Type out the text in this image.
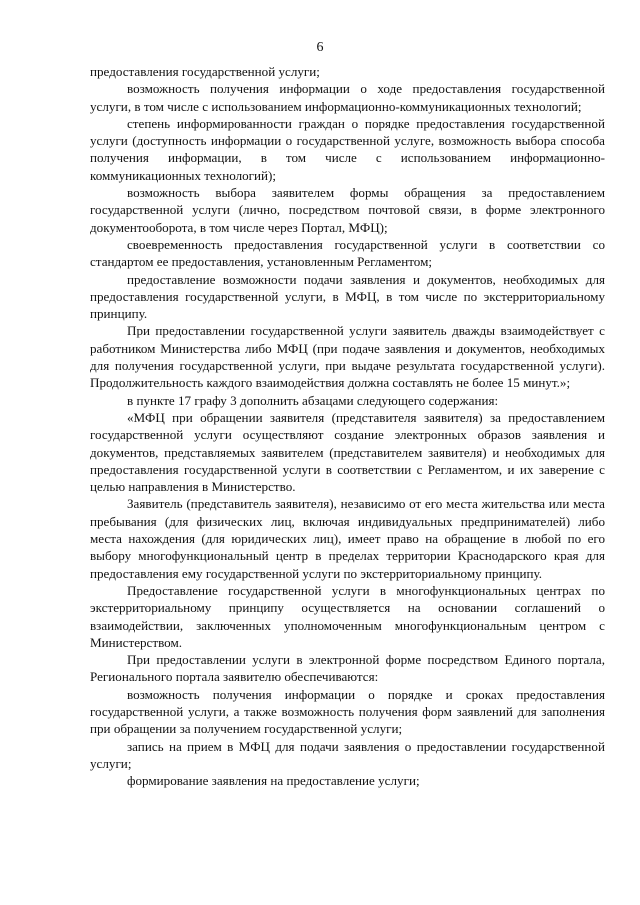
6

предоставления государственной услуги;

возможность получения информации о ходе предоставления государственной услуги, в том числе с использованием информационно-коммуникационных технологий;

степень информированности граждан о порядке предоставления государственной услуги (доступность информации о государственной услуге, возможность выбора способа получения информации, в том числе с использованием информационно-коммуникационных технологий);

возможность выбора заявителем формы обращения за предоставлением государственной услуги (лично, посредством почтовой связи, в форме электронного документооборота, в том числе через Портал, МФЦ);

своевременность предоставления государственной услуги в соответствии со стандартом ее предоставления, установленным Регламентом;

предоставление возможности подачи заявления и документов, необходимых для предоставления государственной услуги, в МФЦ, в том числе по экстерриториальному принципу.

При предоставлении государственной услуги заявитель дважды взаимодействует с работником Министерства либо МФЦ (при подаче заявления и документов, необходимых для получения государственной услуги, при выдаче результата государственной услуги). Продолжительность каждого взаимодействия должна составлять не более 15 минут.»;

в пункте 17 графу 3 дополнить абзацами следующего содержания:

«МФЦ при обращении заявителя (представителя заявителя) за предоставлением государственной услуги осуществляют создание электронных образов заявления и документов, представляемых заявителем (представителем заявителя) и необходимых для предоставления государственной услуги в соответствии с Регламентом, и их заверение с целью направления в Министерство.

Заявитель (представитель заявителя), независимо от его места жительства или места пребывания (для физических лиц, включая индивидуальных предпринимателей) либо места нахождения (для юридических лиц), имеет право на обращение в любой по его выбору многофункциональный центр в пределах территории Краснодарского края для предоставления ему государственной услуги по экстерриториальному принципу.

Предоставление государственной услуги в многофункциональных центрах по экстерриториальному принципу осуществляется на основании соглашений о взаимодействии, заключенных уполномоченным многофункциональным центром с Министерством.

При предоставлении услуги в электронной форме посредством Единого портала, Регионального портала заявителю обеспечиваются:

возможность получения информации о порядке и сроках предоставления государственной услуги, а также возможность получения форм заявлений для заполнения при обращении за получением государственной услуги;

запись на прием в МФЦ для подачи заявления о предоставлении государственной услуги;

формирование заявления на предоставление услуги;
